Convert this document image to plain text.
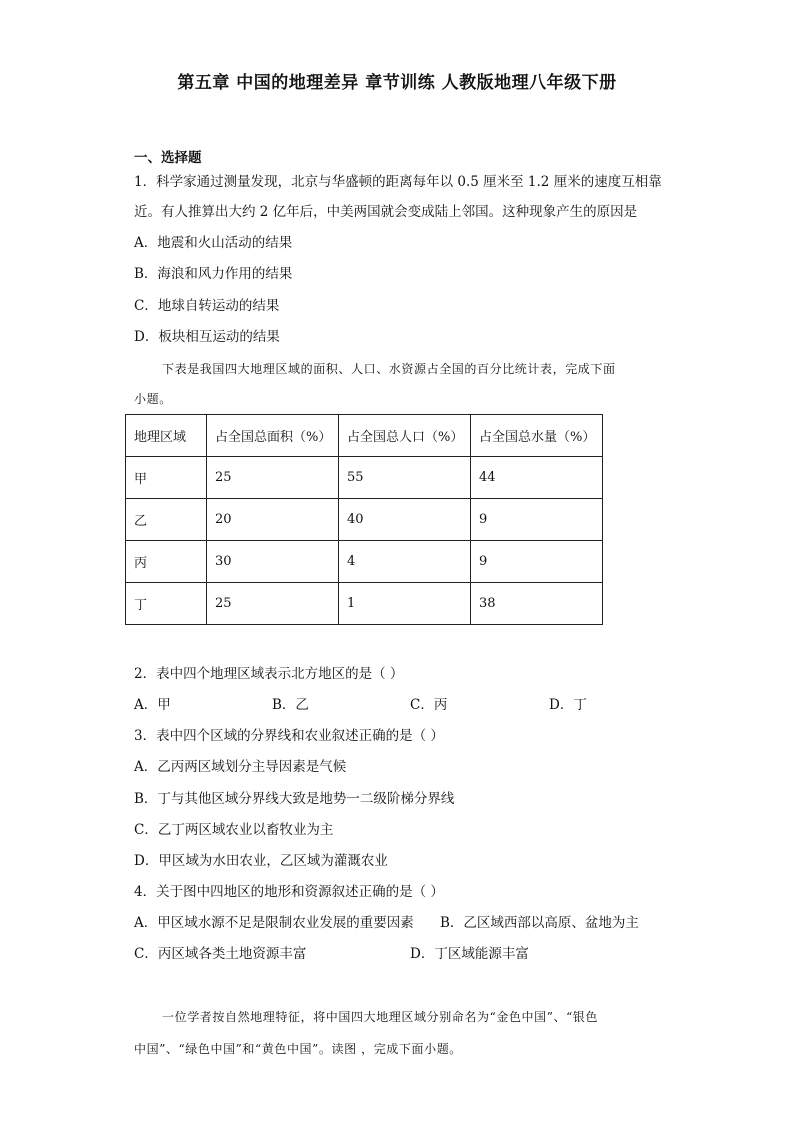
第五章 中国的地理差异 章节训练 人教版地理八年级下册
一、选择题
1．科学家通过测量发现，北京与华盛顿的距离每年以 0.5 厘米至 1.2 厘米的速度互相靠
近。有人推算出大约 2 亿年后，中美两国就会变成陆上邻国。这种现象产生的原因是
A．地震和火山活动的结果
B．海浪和风力作用的结果
C．地球自转运动的结果
D．板块相互运动的结果
下表是我国四大地理区域的面积、人口、水资源占全国的百分比统计表，完成下面
小题。
地理区域	占全国总面积（%）	占全国总人口（%）	占全国总水量（%）
甲	25	55	44
乙	20	40	9
丙	30	4	9
丁	25	1	38
2．表中四个地理区域表示北方地区的是（ ）
A．甲	B．乙	C．丙	D．丁
3．表中四个区域的分界线和农业叙述正确的是（ ）
A．乙丙两区域划分主导因素是气候
B．丁与其他区域分界线大致是地势一二级阶梯分界线
C．乙丁两区域农业以畜牧业为主
D．甲区域为水田农业，乙区域为灌溉农业
4．关于图中四地区的地形和资源叙述正确的是（ ）
A．甲区域水源不足是限制农业发展的重要因素 B．乙区域西部以高原、盆地为主
C．丙区域各类土地资源丰富	D．丁区域能源丰富
一位学者按自然地理特征，将中国四大地理区域分别命名为“金色中国”、“银色
中国”、“绿色中国”和“黄色中国”。读图 ，完成下面小题。
